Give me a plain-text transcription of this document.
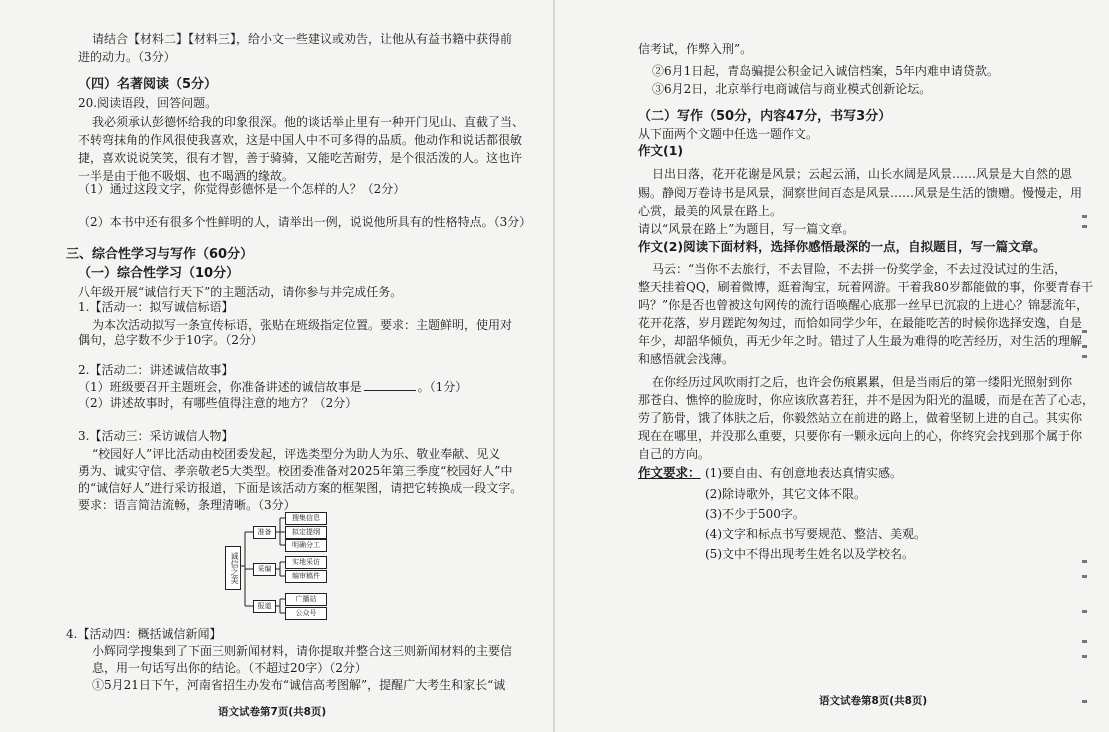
请结合【材料二】【材料三】，给小文一些建议或劝告，让他从有益书籍中获得前
进的动力。（3分）
（四）名著阅读（5分）
20.阅读语段，回答问题。
我必须承认彭德怀给我的印象很深。他的谈话举止里有一种开门见山、直截了当、
不转弯抹角的作风很使我喜欢，这是中国人中不可多得的品质。他动作和说话都很敏
捷，喜欢说说笑笑，很有才智，善于骑骑，又能吃苦耐劳，是个很活泼的人。这也许
一半是由于他不吸烟、也不喝酒的缘故。
（1）通过这段文字，你觉得彭德怀是一个怎样的人？（2分）
（2）本书中还有很多个性鲜明的人，请举出一例，说说他所具有的性格特点。（3分）
三、综合性学习与写作（60分）
（一）综合性学习（10分）
八年级开展“诚信行天下”的主题活动，请你参与并完成任务。
1.【活动一：拟写诚信标语】
为本次活动拟写一条宣传标语，张贴在班级指定位置。要求：主题鲜明，使用对
偶句，总字数不少于10字。（2分）
2.【活动二：讲述诚信故事】
（1）班级要召开主题班会，你准备讲述的诚信故事是	。（1分）
（2）讲述故事时，有哪些值得注意的地方？（2分）
3.【活动三：采访诚信人物】
“校园好人”评比活动由校团委发起，评选类型分为助人为乐、敬业奉献、见义
勇为、诚实守信、孝亲敬老5大类型。校团委准备对2025年第三季度“校园好人”中
的“诚信好人”进行采访报道，下面是该活动方案的框架图，请把它转换成一段文字。
要求：语言简洁流畅，条理清晰。（3分）
诚信之美
准备
采编
报道
搜集信息
拟定提纲
明确分工
实地采访
编审稿件
广播站
公众号
4.【活动四：概括诚信新闻】
小辉同学搜集到了下面三则新闻材料，请你提取并整合这三则新闻材料的主要信
息，用一句话写出你的结论。（不超过20字）（2分）
①5月21日下午，河南省招生办发布“诚信高考图解”，提醒广大考生和家长“诚
语文试卷第7页(共8页)
信考试，作弊入刑”。
②6月1日起，青岛骗提公积金记入诚信档案，5年内难申请贷款。
③6月2日，北京举行电商诚信与商业模式创新论坛。
（二）写作（50分，内容47分，书写3分）
从下面两个文题中任选一题作文。
作文(1)
日出日落，花开花谢是风景；云起云涌，山长水阔是风景……风景是大自然的恩
赐。静阅万卷诗书是风景，洞察世间百态是风景……风景是生活的馈赠。慢慢走，用
心赏，最美的风景在路上。
请以“风景在路上”为题目，写一篇文章。
作文(2)阅读下面材料，选择你感悟最深的一点，自拟题目，写一篇文章。
马云：“当你不去旅行，不去冒险，不去拼一份奖学金，不去过没试过的生活，
整天挂着QQ，刷着微博，逛着淘宝，玩着网游。干着我80岁都能做的事，你要青春干
吗？”你是否也曾被这句网传的流行语唤醒心底那一丝早已沉寂的上进心？锦瑟流年，
花开花落，岁月蹉跎匆匆过，而恰如同学少年，在最能吃苦的时候你选择安逸，自是
年少，却韶华倾负，再无少年之时。错过了人生最为难得的吃苦经历，对生活的理解
和感悟就会浅薄。
在你经历过风吹雨打之后，也许会伤痕累累，但是当雨后的第一缕阳光照射到你
那苍白、憔悴的脸庞时，你应该欣喜若狂，并不是因为阳光的温暖，而是在苦了心志，
劳了筋骨，饿了体肤之后，你毅然站立在前进的路上，做着坚韧上进的自己。其实你
现在在哪里，并没那么重要，只要你有一颗永远向上的心，你终究会找到那个属于你
自己的方向。
作文要求： (1)要自由、有创意地表达真情实感。
(2)除诗歌外，其它文体不限。
(3)不少于500字。
(4)文字和标点书写要规范、整洁、美观。
(5)文中不得出现考生姓名以及学校名。
语文试卷第8页(共8页)
